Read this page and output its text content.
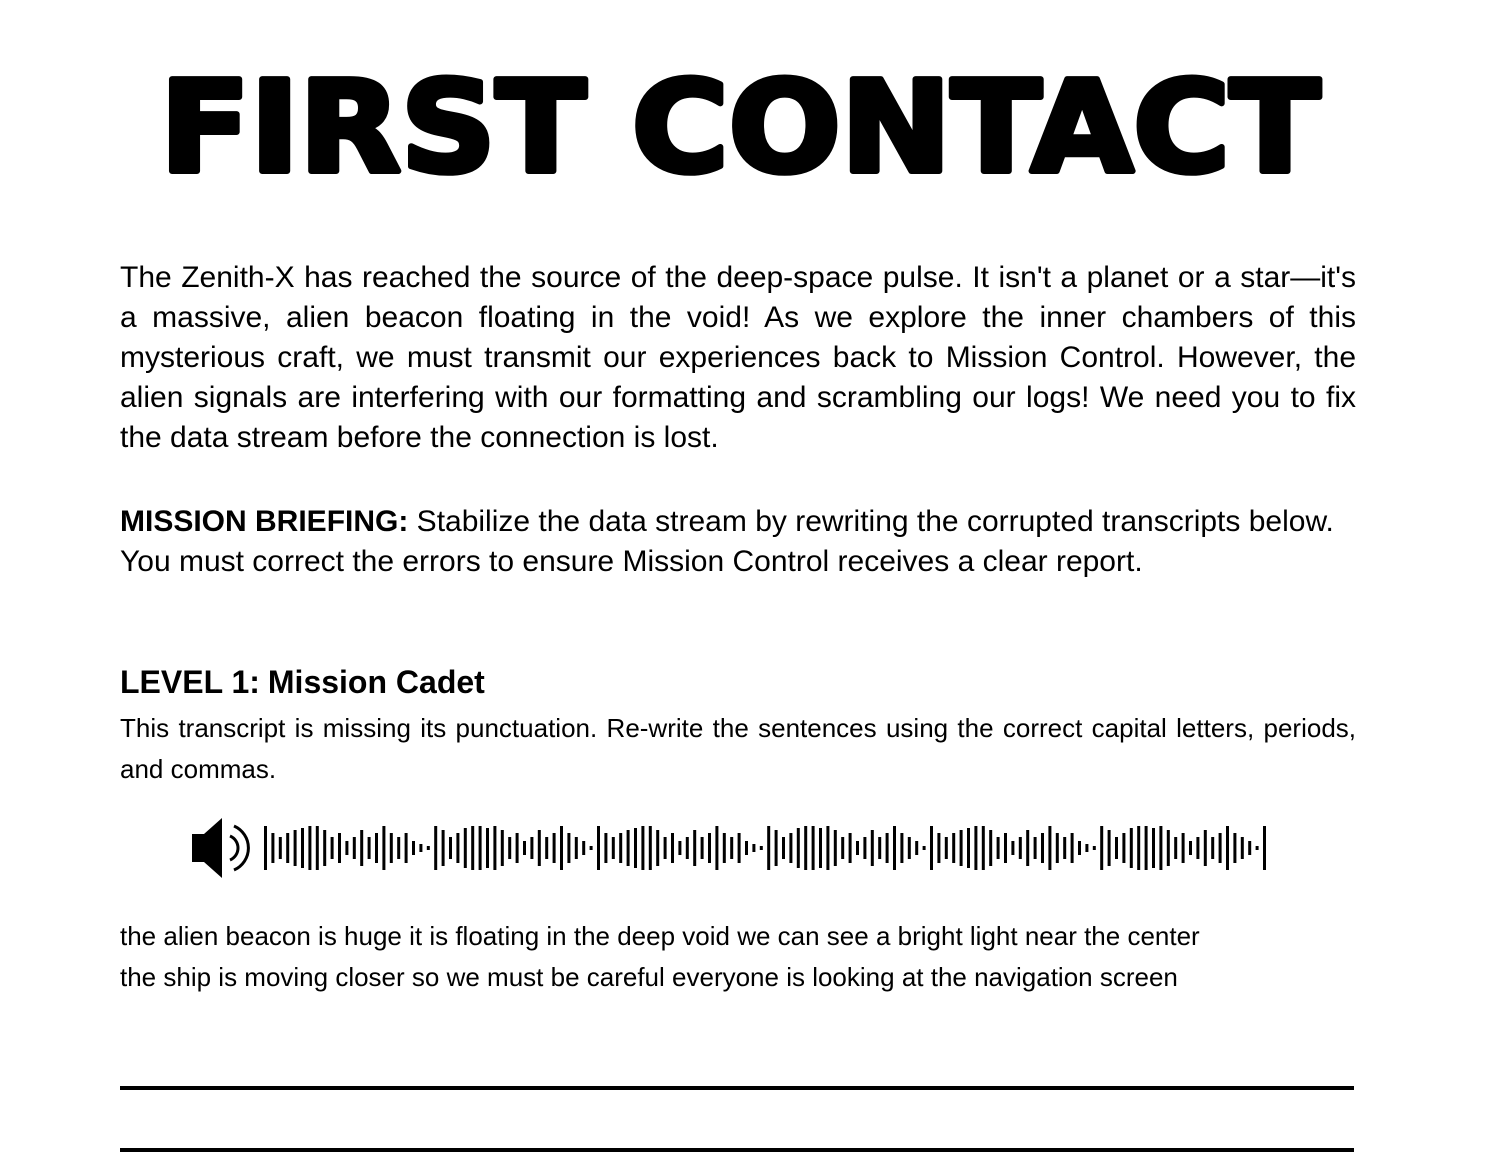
FIRST CONTACT

The Zenith-X has reached the source of the deep-space pulse. It isn't a planet or a star—it's a massive, alien beacon floating in the void! As we explore the inner chambers of this mysterious craft, we must transmit our experiences back to Mission Control. However, the alien signals are interfering with our formatting and scrambling our logs! We need you to fix the data stream before the connection is lost.

MISSION BRIEFING: Stabilize the data stream by rewriting the corrupted transcripts below. You must correct the errors to ensure Mission Control receives a clear report.

LEVEL 1: Mission Cadet

This transcript is missing its punctuation. Re-write the sentences using the correct capital letters, periods, and commas.

the alien beacon is huge it is floating in the deep void we can see a bright light near the center
the ship is moving closer so we must be careful everyone is looking at the navigation screen
